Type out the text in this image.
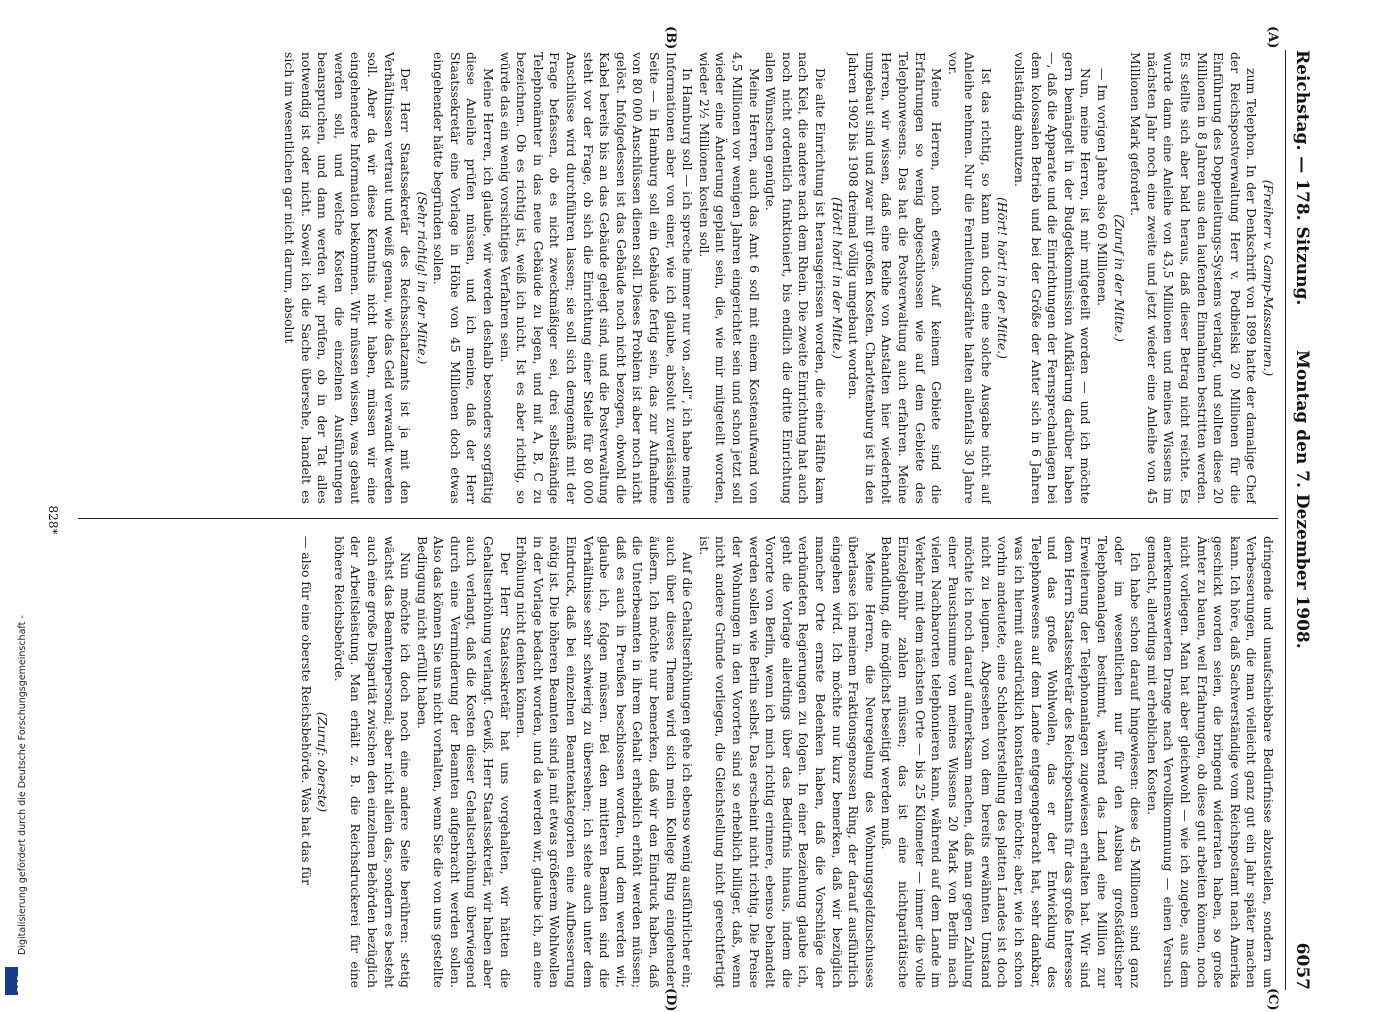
Reichstag. — 178. Sitzung.
Montag den 7. Dezember 1908.
6057
(A)
(B)
(C)
(D)

(Freiherr v. Gamp-Massaunen.)

zum Telephon. In der Denkschrift von 1899 hatte der damalige Chef der Reichspostverwaltung Herr v. Podbielski 20 Millionen für die Einführung des Doppelleitungs-Systems verlangt, und sollten diese 20 Millionen in 8 Jahren aus den laufenden Einnahmen bestritten werden. Es stellte sich aber bald heraus, daß dieser Betrag nicht reichte. Es wurde dann eine Anleihe von 43,5 Millionen und meines Wissens im nächsten Jahr noch eine zweite und jetzt wieder eine Anleihe von 45 Millionen Mark gefordert.

(Zuruf in der Mitte.)

— Im vorigen Jahre also 60 Millionen.

Nun, meine Herren, ist mir mitgeteilt worden — und ich möchte gern bemängelt in der Budgetkommission Aufklärung darüber haben —, daß die Apparate und die Einrichtungen der Fernsprechanlagen bei dem kolossalen Betrieb und bei der Größe der Anter sich in 6 Jahren vollständig abnutzen.

(Hört! hört! in der Mitte.)

Ist das richtig, so kann man doch eine solche Ausgabe nicht auf Anleihe nehmen. Nur die Fernleitungsdrähte halten allenfalls 30 Jahre vor.

Meine Herren, noch etwas. Auf keinem Gebiete sind die Erfahrungen so wenig abgeschlossen wie auf dem Gebiete des Telephonwesens. Das hat die Postverwaltung auch erfahren. Meine Herren, wir wissen, daß eine Reihe von Anstalten hier wiederholt umgebaut sind und zwar mit großen Kosten. Charlottenburg ist in den Jahren 1902 bis 1908 dreimal völlig umgebaut worden.

(Hört! hört! in der Mitte.)

Die alte Einrichtung ist herausgerissen worden, die eine Hälfte kam nach Kiel, die andere nach dem Rhein. Die zweite Einrichtung hat auch noch nicht ordentlich funktioniert, bis endlich die dritte Einrichtung allen Wünschen genügte.

Meine Herren, auch das Amt 6 soll mit einem Kostenaufwand von 4,5 Millionen vor wenigen Jahren eingerichtet sein und schon jetzt soll wieder eine Änderung geplant sein, die, wie mir mitgeteilt worden, wieder 2½ Millionen kosten soll.

In Hamburg soll — ich spreche immer nur von „soll“, ich habe meine Informationen aber von einer, wie ich glaube, absolut zuverlässigen Seite — in Hamburg soll ein Gebäude fertig sein, das zur Aufnahme von 80 000 Anschlüssen dienen soll. Dieses Problem ist aber noch nicht gelöst. Infolgedessen ist das Gebäude noch nicht bezogen, obwohl die Kabel bereits bis an das Gebäude gelegt sind, und die Postverwaltung steht vor der Frage, ob sich die Einrichtung einer Stelle für 80 000 Anschlüsse wird durchführen lassen; sie soll sich demgemäß mit der Frage befassen, ob es nicht zweckmäßiger sei, drei selbständige Telephonämter in das neue Gebäude zu legen, und mit A, B, C zu bezeichnen. Ob es richtig ist, weiß ich nicht. Ist es aber richtig, so würde das ein wenig vorsichtiges Verfahren sein.

Meine Herren, ich glaube, wir werden deshalb besonders sorgfältig diese Anleihe prüfen müssen, und ich meine, daß der Herr Staatssekretär eine Vorlage in Höhe von 45 Millionen doch etwas eingehender hätte begründen sollen.

(Sehr richtig! in der Mitte.)

Der Herr Staatssekretär des Reichsschatzamts ist ja mit den Verhältnissen vertraut und weiß genau, wie das Geld verwandt werden soll. Aber da wir diese Kenntnis nicht haben, müssen wir eine eingehendere Information bekommen. Wir müssen wissen, was gebaut werden soll, und welche Kosten die einzelnen Ausführungen beanspruchen, und dann werden wir prüfen, ob in der Tat alles notwendig ist oder nicht. Soweit ich die Sache übersehe, handelt es sich im wesentlichen gar nicht darum, absolut

dringende und unaufschiebbare Bedürfnisse abzustellen, sondern um Verbesserungen, die man vielleicht ganz gut ein Jahr später machen kann. Ich höre, daß Sachverständige vom Reichspostamt nach Amerika geschickt worden seien, die bringend widerraten haben, so große Ämter zu bauen, weil Erfahrungen, ob diese gut arbeiten können, noch nicht vorliegen. Man hat aber gleichwohl — wie ich zugebe, aus dem anerkennenswerten Drange nach Vervollkommnung — einen Versuch gemacht, allerdings mit erheblichen Kosten.

Ich habe schon darauf hingewiesen: diese 45 Millionen sind ganz oder im wesentlichen nur für den Ausbau großstädtischer Telephonanlagen bestimmt, während das Land eine Million zur Erweiterung der Telephonanlagen zugewiesen erhalten hat. Wir sind dem Herrn Staatssekretär des Reichspostamts für das große Interesse und das große Wohlwollen, das er der Entwicklung des Telephonwesens auf dem Lande entgegengebracht hat, sehr dankbar, was ich hiermit ausdrücklich konstatieren möchte; aber, wie ich schon vorhin andeutete, eine Schlechterstellung des platten Landes ist doch nicht zu leugnen. Abgesehen von dem bereits erwähnten Umstand möchte ich noch darauf aufmerksam machen, daß man gegen Zahlung einer Pauschsumme von meines Wissens 20 Mark von Berlin nach vielen Nachbarorten telephonieren kann, während auf dem Lande im Verkehr mit dem nächsten Orte — bis 25 Kilometer — immer die volle Einzelgebühr zahlen müssen; das ist eine nichtparitätische Behandlung, die möglichst beseitigt werden muß.

Meine Herren, die Neuregelung des Wohnungsgeldzuschusses überlasse ich meinem Fraktionsgenossen Ring, der darauf ausführlich eingehen wird. Ich möchte nur kurz bemerken, daß wir bezüglich mancher Orte ernste Bedenken haben, daß die Vorschläge der verbündeten Regierungen zu folgen. In einer Beziehung glaube ich, geht die Vorlage allerdings über das Bedürfnis hinaus, indem die Vororte von Berlin, wenn ich mich richtig erinnere, ebenso behandelt werden sollen wie Berlin selbst. Das erscheint nicht richtig. Die Preise der Wohnungen in den Vororten sind so erheblich billiger, daß, wenn nicht andere Gründe vorliegen, die Gleichstellung nicht gerechtfertigt ist.

Auf die Gehaltserhöhungen gehe ich ebenso wenig ausführlicher ein; auch über dieses Thema wird sich mein Kollege Ring eingehender äußern. Ich möchte nur bemerken, daß wir den Eindruck haben, daß die Unterbeamten in ihrem Gehalt erheblich erhöht werden müssen; daß es auch in Preußen beschlossen worden, und dem werden wir, glaube ich, folgen müssen. Bei den mittleren Beamten sind die Verhältnisse sehr schwierig zu übersehen; ich stehe auch unter dem Eindruck, daß bei einzelnen Beamtenkategorien eine Aufbesserung nötig ist. Die höheren Beamten sind ja mit etwas größerem Wohlwollen in der Vorlage bedacht worden, und da werden wir, glaube ich, an eine Erhöhung nicht denken können.

Der Herr Staatssekretär hat uns vorgehalten, wir hätten die Gehaltserhöhung verlangt. Gewiß, Herr Staatssekretär, wir haben aber auch verlangt, daß die Kosten dieser Gehaltserhöhung überwiegend durch eine Verminderung der Beamten aufgebracht werden sollen. Also das können Sie uns nicht vorhalten, wenn Sie die von uns gestellte Bedingung nicht erfüllt haben.

Nun möchte ich doch noch eine andere Seite berühren: stetig wächst das Beamtenpersonal; aber nicht allein das, sondern es besteht auch eine große Disparität zwischen den einzelnen Behörden bezüglich der Arbeitsleistung. Man erhält z. B. die Reichsdruckerei für eine höhere Reichsbehörde.

(Zuruf: oberste)

— also für eine oberste Reichsbehörde. Was hat das für

828*
Digitalisierung gefördert durch die Deutsche Forschungsgemeinschaft -
DFG
